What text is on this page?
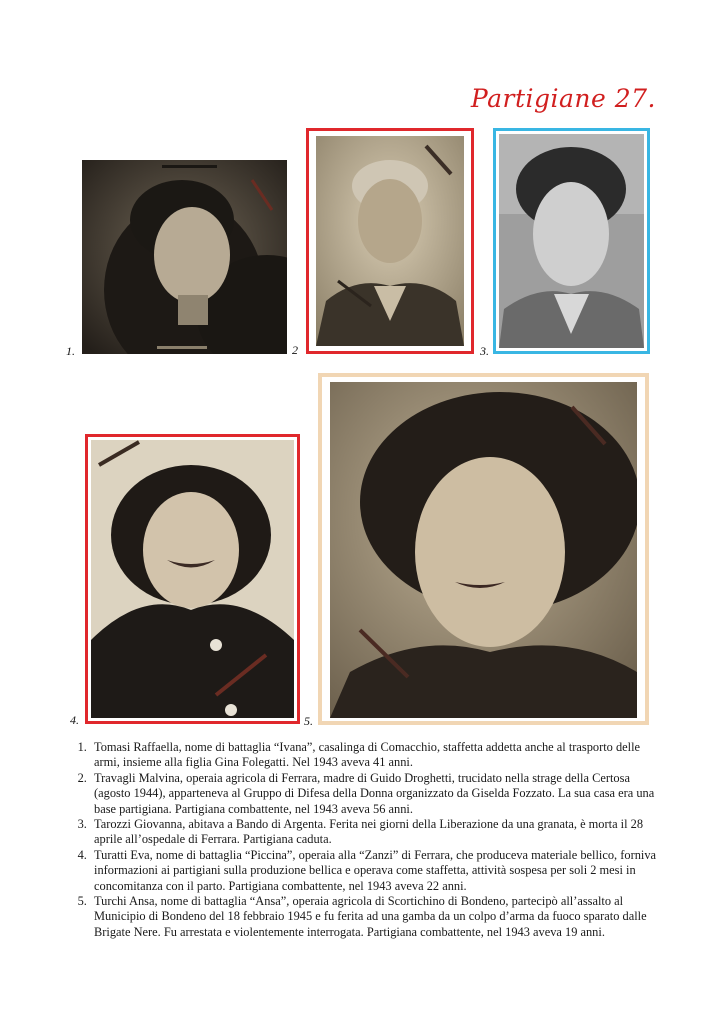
Partigiane 27.
1.	2	3.
4.	5.
1. Tomasi Raffaella, nome di battaglia “Ivana”, casalinga di Comacchio, staffetta addetta anche al trasporto delle armi, insieme alla figlia Gina Folegatti. Nel 1943 aveva 41 anni.
2. Travagli Malvina, operaia agricola di Ferrara, madre di Guido Droghetti, trucidato nella strage della Certosa (agosto 1944), apparteneva al Gruppo di Difesa della Donna organizzato da Giselda Fozzato. La sua casa era una base partigiana. Partigiana combattente, nel 1943 aveva 56 anni.
3. Tarozzi Giovanna, abitava a Bando di Argenta. Ferita nei giorni della Liberazione da una granata, è morta il 28 aprile all’ospedale di Ferrara. Partigiana caduta.
4. Turatti Eva, nome di battaglia “Piccina”, operaia alla “Zanzi” di Ferrara, che produceva materiale bellico, forniva informazioni ai partigiani sulla produzione bellica e operava come staffetta, attività sospesa per soli 2 mesi in concomitanza con il parto. Partigiana combattente, nel 1943 aveva 22 anni.
5. Turchi Ansa, nome di battaglia “Ansa”, operaia agricola di Scortichino di Bondeno, partecipò all’assalto al Municipio di Bondeno del 18 febbraio 1945 e fu ferita ad una gamba da un colpo d’arma da fuoco sparato dalle Brigate Nere. Fu arrestata e violentemente interrogata. Partigiana combattente, nel 1943 aveva 19 anni.
